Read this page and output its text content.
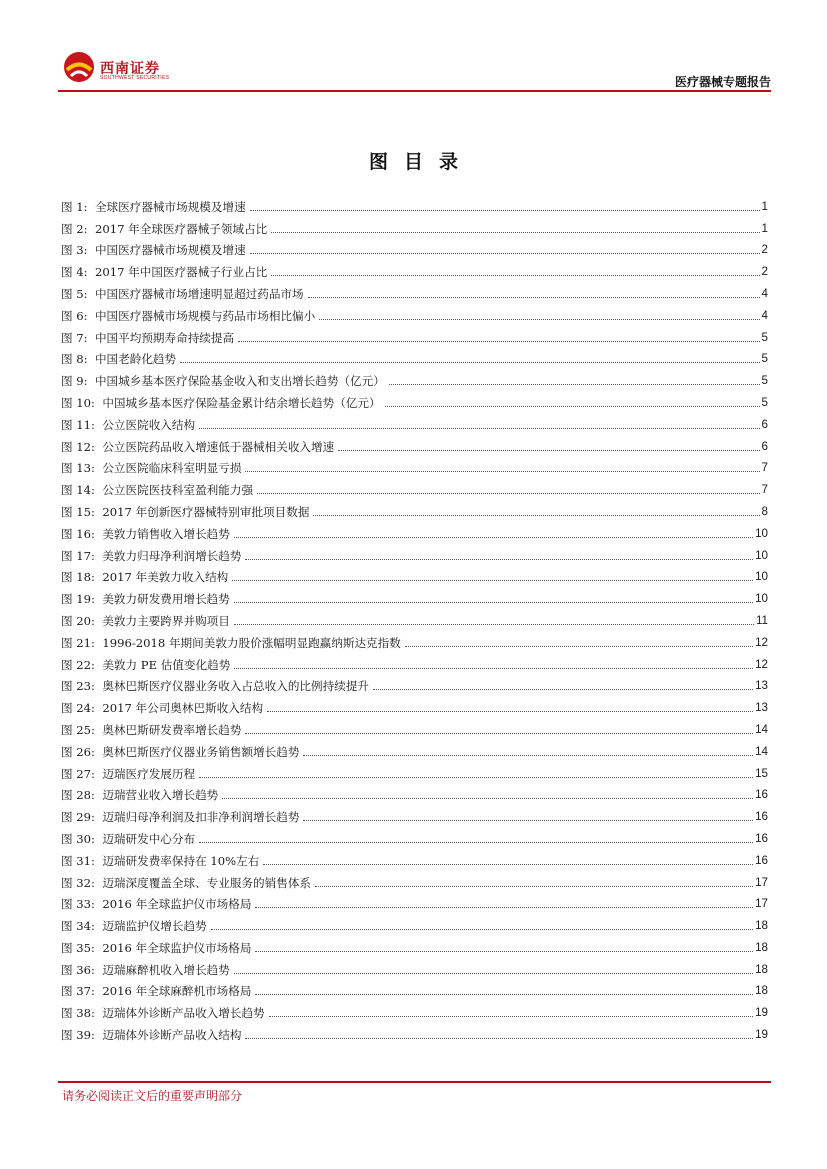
西南证券
SOUTHWEST SECURITIES	医疗器械专题报告
图目录
图 1: 全球医疗器械市场规模及增速	1
图 2: 2017 年全球医疗器械子领域占比	1
图 3: 中国医疗器械市场规模及增速	2
图 4: 2017 年中国医疗器械子行业占比	2
图 5: 中国医疗器械市场增速明显超过药品市场	4
图 6: 中国医疗器械市场规模与药品市场相比偏小	4
图 7: 中国平均预期寿命持续提高	5
图 8: 中国老龄化趋势	5
图 9: 中国城乡基本医疗保险基金收入和支出增长趋势（亿元）	5
图 10: 中国城乡基本医疗保险基金累计结余增长趋势（亿元）	5
图 11: 公立医院收入结构	6
图 12: 公立医院药品收入增速低于器械相关收入增速	6
图 13: 公立医院临床科室明显亏损	7
图 14: 公立医院医技科室盈利能力强	7
图 15: 2017 年创新医疗器械特别审批项目数据	8
图 16: 美敦力销售收入增长趋势	10
图 17: 美敦力归母净利润增长趋势	10
图 18: 2017 年美敦力收入结构	10
图 19: 美敦力研发费用增长趋势	10
图 20: 美敦力主要跨界并购项目	11
图 21: 1996-2018 年期间美敦力股价涨幅明显跑赢纳斯达克指数	12
图 22: 美敦力 PE 估值变化趋势	12
图 23: 奥林巴斯医疗仪器业务收入占总收入的比例持续提升	13
图 24: 2017 年公司奥林巴斯收入结构	13
图 25: 奥林巴斯研发费率增长趋势	14
图 26: 奥林巴斯医疗仪器业务销售额增长趋势	14
图 27: 迈瑞医疗发展历程	15
图 28: 迈瑞营业收入增长趋势	16
图 29: 迈瑞归母净利润及扣非净利润增长趋势	16
图 30: 迈瑞研发中心分布	16
图 31: 迈瑞研发费率保持在 10%左右	16
图 32: 迈瑞深度覆盖全球、专业服务的销售体系	17
图 33: 2016 年全球监护仪市场格局	17
图 34: 迈瑞监护仪增长趋势	18
图 35: 2016 年全球监护仪市场格局	18
图 36: 迈瑞麻醉机收入增长趋势	18
图 37: 2016 年全球麻醉机市场格局	18
图 38: 迈瑞体外诊断产品收入增长趋势	19
图 39: 迈瑞体外诊断产品收入结构	19
请务必阅读正文后的重要声明部分
